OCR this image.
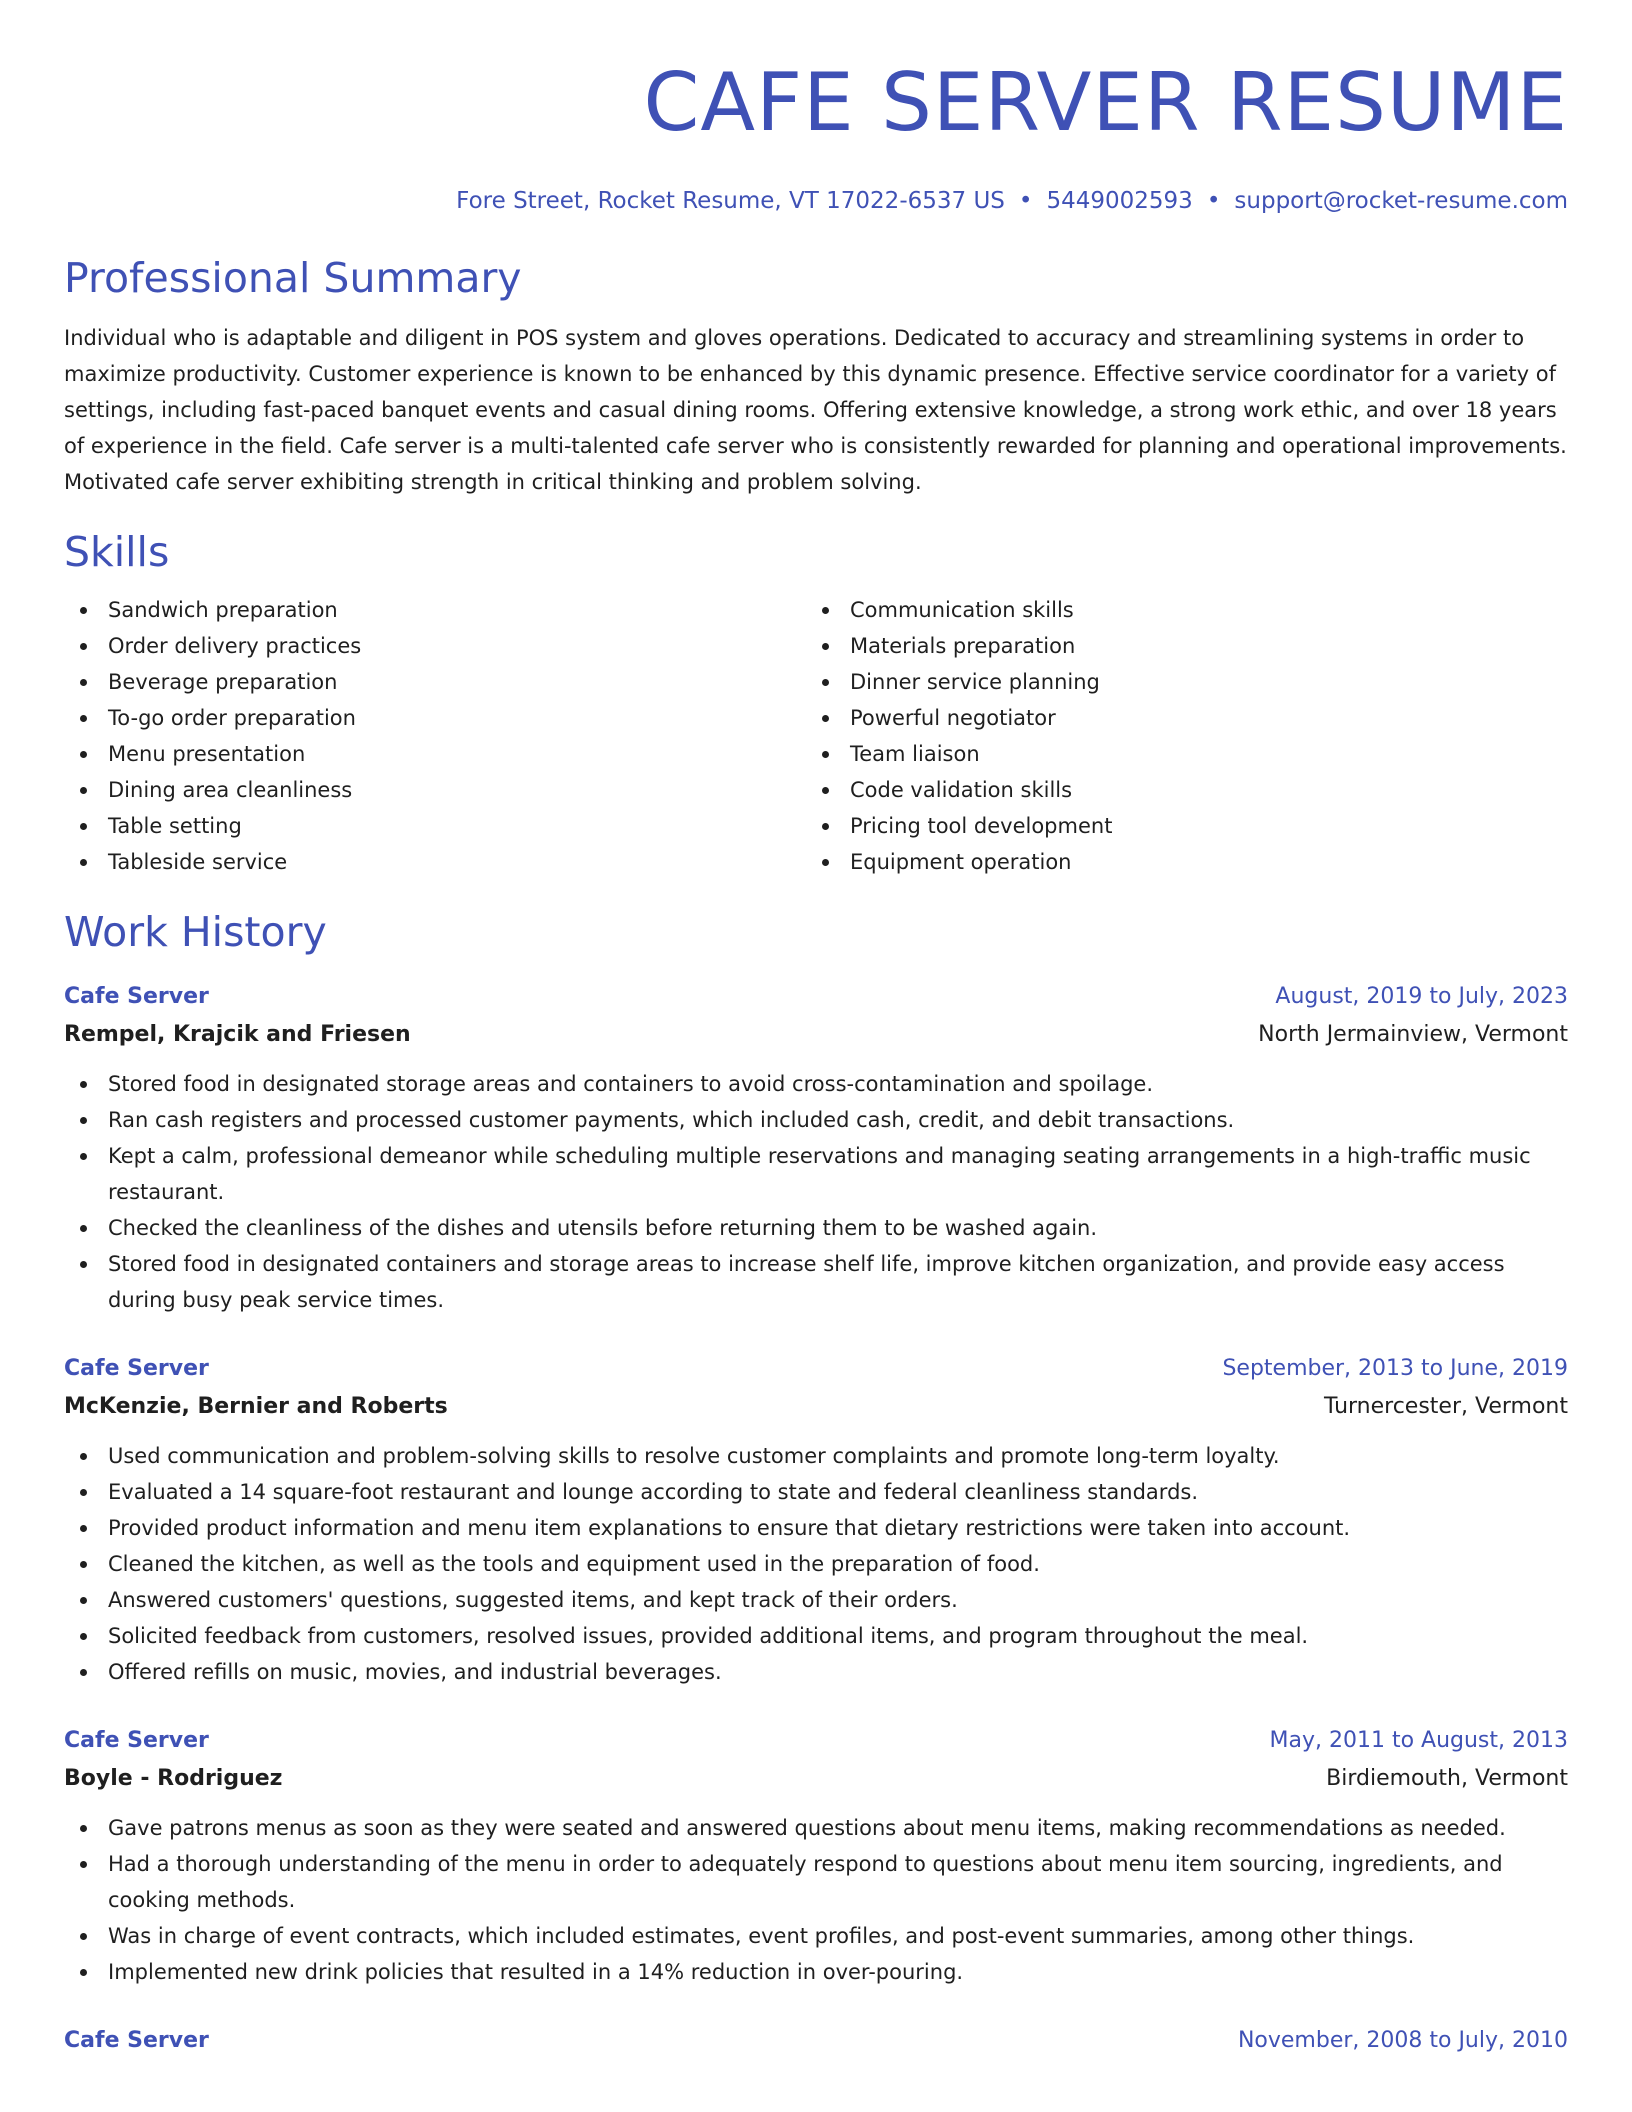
CAFE SERVER RESUME
Fore Street, Rocket Resume, VT 17022-6537 US • 5449002593 • support@rocket-resume.com
Professional Summary

Individual who is adaptable and diligent in POS system and gloves operations. Dedicated to accuracy and streamlining systems in order to maximize productivity. Customer experience is known to be enhanced by this dynamic presence. Effective service coordinator for a variety of settings, including fast-paced banquet events and casual dining rooms. Offering extensive knowledge, a strong work ethic, and over 18 years of experience in the field. Cafe server is a multi-talented cafe server who is consistently rewarded for planning and operational improvements. Motivated cafe server exhibiting strength in critical thinking and problem solving.

Skills
Sandwich preparation
Order delivery practices
Beverage preparation
To-go order preparation
Menu presentation
Dining area cleanliness
Table setting
Tableside service
Communication skills
Materials preparation
Dinner service planning
Powerful negotiator
Team liaison
Code validation skills
Pricing tool development
Equipment operation
Work History
Cafe Server	August, 2019 to July, 2023
Rempel, Krajcik and Friesen	North Jermainview, Vermont
Stored food in designated storage areas and containers to avoid cross-contamination and spoilage.
Ran cash registers and processed customer payments, which included cash, credit, and debit transactions.
Kept a calm, professional demeanor while scheduling multiple reservations and managing seating arrangements in a high-traffic music restaurant.
Checked the cleanliness of the dishes and utensils before returning them to be washed again.
Stored food in designated containers and storage areas to increase shelf life, improve kitchen organization, and provide easy access during busy peak service times.
Cafe Server	September, 2013 to June, 2019
McKenzie, Bernier and Roberts	Turnercester, Vermont
Used communication and problem-solving skills to resolve customer complaints and promote long-term loyalty.
Evaluated a 14 square-foot restaurant and lounge according to state and federal cleanliness standards.
Provided product information and menu item explanations to ensure that dietary restrictions were taken into account.
Cleaned the kitchen, as well as the tools and equipment used in the preparation of food.
Answered customers' questions, suggested items, and kept track of their orders.
Solicited feedback from customers, resolved issues, provided additional items, and program throughout the meal.
Offered refills on music, movies, and industrial beverages.
Cafe Server	May, 2011 to August, 2013
Boyle - Rodriguez	Birdiemouth, Vermont
Gave patrons menus as soon as they were seated and answered questions about menu items, making recommendations as needed.
Had a thorough understanding of the menu in order to adequately respond to questions about menu item sourcing, ingredients, and cooking methods.
Was in charge of event contracts, which included estimates, event profiles, and post-event summaries, among other things.
Implemented new drink policies that resulted in a 14% reduction in over-pouring.
Cafe Server	November, 2008 to July, 2010
